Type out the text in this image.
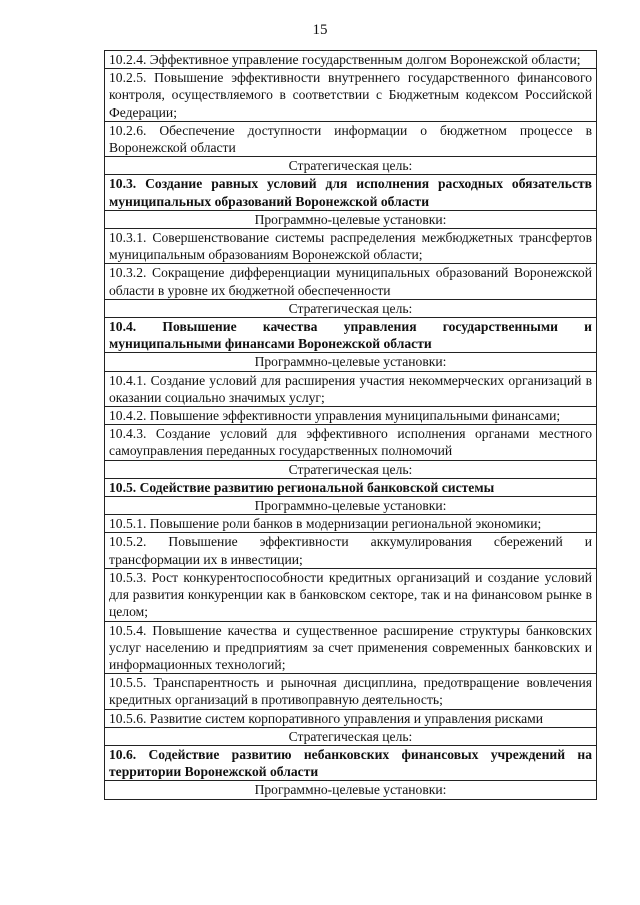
15
10.2.4. Эффективное управление государственным долгом Воронежской области;
10.2.5. Повышение эффективности внутреннего государственного финансового контроля, осуществляемого в соответствии с Бюджетным кодексом Российской Федерации;
10.2.6. Обеспечение доступности информации о бюджетном процессе в Воронежской области
Стратегическая цель:
10.3. Создание равных условий для исполнения расходных обязательств муниципальных образований Воронежской области
Программно-целевые установки:
10.3.1. Совершенствование системы распределения межбюджетных трансфертов муниципальным образованиям Воронежской области;
10.3.2. Сокращение дифференциации муниципальных образований Воронежской области в уровне их бюджетной обеспеченности
Стратегическая цель:
10.4. Повышение качества управления государственными и муниципальными финансами Воронежской области
Программно-целевые установки:
10.4.1. Создание условий для расширения участия некоммерческих организаций в оказании социально значимых услуг;
10.4.2. Повышение эффективности управления муниципальными финансами;
10.4.3. Создание условий для эффективного исполнения органами местного самоуправления переданных государственных полномочий
Стратегическая цель:
10.5. Содействие развитию региональной банковской системы
Программно-целевые установки:
10.5.1. Повышение роли банков в модернизации региональной экономики;
10.5.2. Повышение эффективности аккумулирования сбережений и трансформации их в инвестиции;
10.5.3. Рост конкурентоспособности кредитных организаций и создание условий для развития конкуренции как в банковском секторе, так и на финансовом рынке в целом;
10.5.4. Повышение качества и существенное расширение структуры банковских услуг населению и предприятиям за счет применения современных банковских и информационных технологий;
10.5.5. Транспарентность и рыночная дисциплина, предотвращение вовлечения кредитных организаций в противоправную деятельность;
10.5.6. Развитие систем корпоративного управления и управления рисками
Стратегическая цель:
10.6. Содействие развитию небанковских финансовых учреждений на территории Воронежской области
Программно-целевые установки:
